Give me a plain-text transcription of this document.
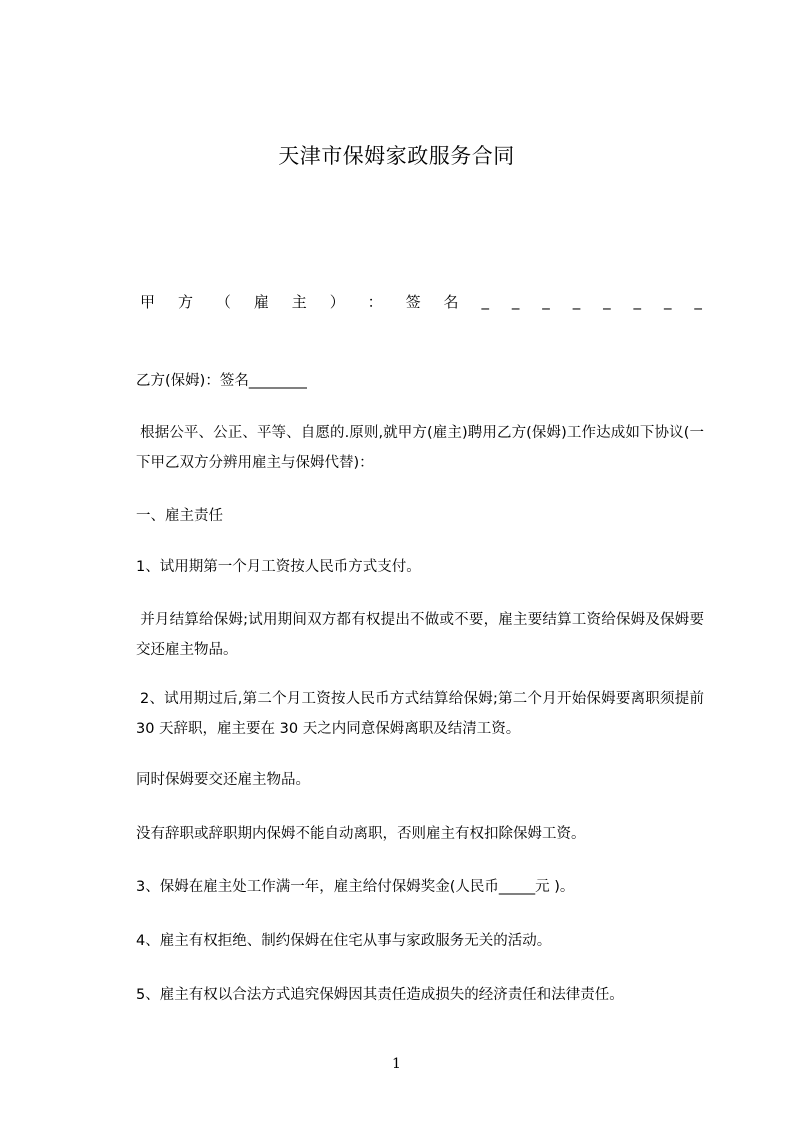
天津市保姆家政服务合同
甲 方 （ 雇 主 ） ： 签 名 _ _ _ _ _ _ _ _
乙方(保姆)：签名________
根据公平、公正、平等、自愿的.原则,就甲方(雇主)聘用乙方(保姆)工作达成如下协议(一下甲乙双方分辨用雇主与保姆代替)：
一、雇主责任
1、试用期第一个月工资按人民币方式支付。
并月结算给保姆;试用期间双方都有权提出不做或不要，雇主要结算工资给保姆及保姆要交还雇主物品。
2、试用期过后,第二个月工资按人民币方式结算给保姆;第二个月开始保姆要离职须提前 30 天辞职，雇主要在 30 天之内同意保姆离职及结清工资。
同时保姆要交还雇主物品。
没有辞职或辞职期内保姆不能自动离职，否则雇主有权扣除保姆工资。
3、保姆在雇主处工作满一年，雇主给付保姆奖金(人民币_____元 )。
4、雇主有权拒绝、制约保姆在住宅从事与家政服务无关的活动。
5、雇主有权以合法方式追究保姆因其责任造成损失的经济责任和法律责任。
1
